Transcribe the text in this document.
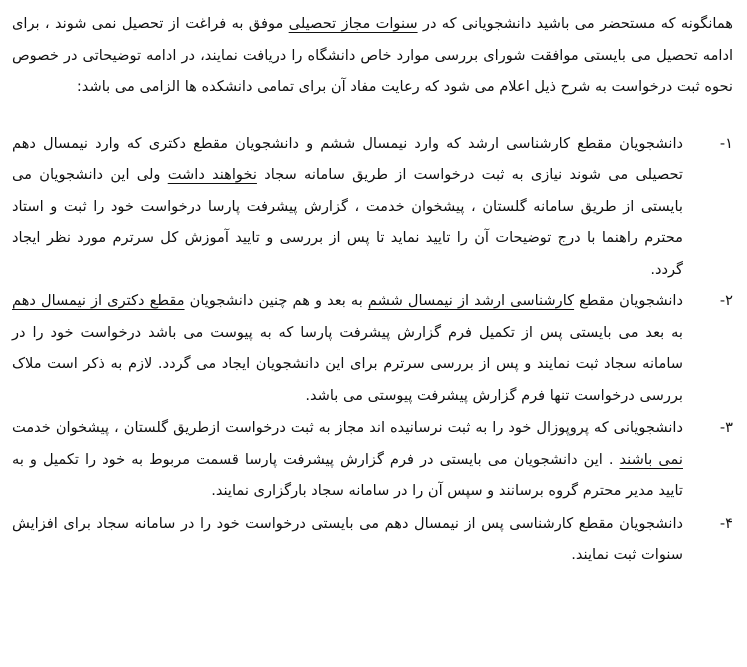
همانگونه که مستحضر می باشید دانشجویانی که در سنوات مجاز تحصیلی موفق به فراغت از تحصیل نمی شوند ، برای ادامه تحصیل می بایستی موافقت شورای بررسی موارد خاص دانشگاه را دریافت نمایند، در ادامه توضیحاتی در خصوص نحوه ثبت درخواست به شرح ذیل اعلام می شود که رعایت مفاد آن برای تمامی دانشکده ها الزامی می باشد:

۱-
دانشجویان مقطع کارشناسی ارشد که وارد نیمسال ششم و دانشجویان مقطع دکتری که وارد نیمسال دهم تحصیلی می شوند نیازی به ثبت درخواست از طریق سامانه سجاد نخواهند داشت ولی این دانشجویان می بایستی از طریق سامانه گلستان ، پیشخوان خدمت ، گزارش پیشرفت پارسا درخواست خود را ثبت و استاد محترم راهنما با درج توضیحات آن را تایید نماید تا پس از بررسی و تایید آموزش کل سرترم مورد نظر ایجاد گردد.
۲-
دانشجویان مقطع کارشناسی ارشد از نیمسال ششم به بعد و هم چنین دانشجویان مقطع دکتری از نیمسال دهم به بعد می بایستی پس از تکمیل فرم گزارش پیشرفت پارسا که به پیوست می باشد درخواست خود را در سامانه سجاد ثبت نمایند و پس از بررسی سرترم برای این دانشجویان ایجاد می گردد. لازم به ذکر است ملاک بررسی درخواست تنها فرم گزارش پیشرفت پیوستی می باشد.
۳-
دانشجویانی که پروپوزال خود را به ثبت نرسانیده اند مجاز به ثبت درخواست ازطریق گلستان ، پیشخوان خدمت نمی باشند . این دانشجویان می بایستی در فرم گزارش پیشرفت پارسا قسمت مربوط به خود را تکمیل و به تایید مدیر محترم گروه برسانند و سپس آن را در سامانه سجاد بارگزاری نمایند.
۴-
دانشجویان مقطع کارشناسی پس از نیمسال دهم می بایستی درخواست خود را در سامانه سجاد برای افزایش سنوات ثبت نمایند.
